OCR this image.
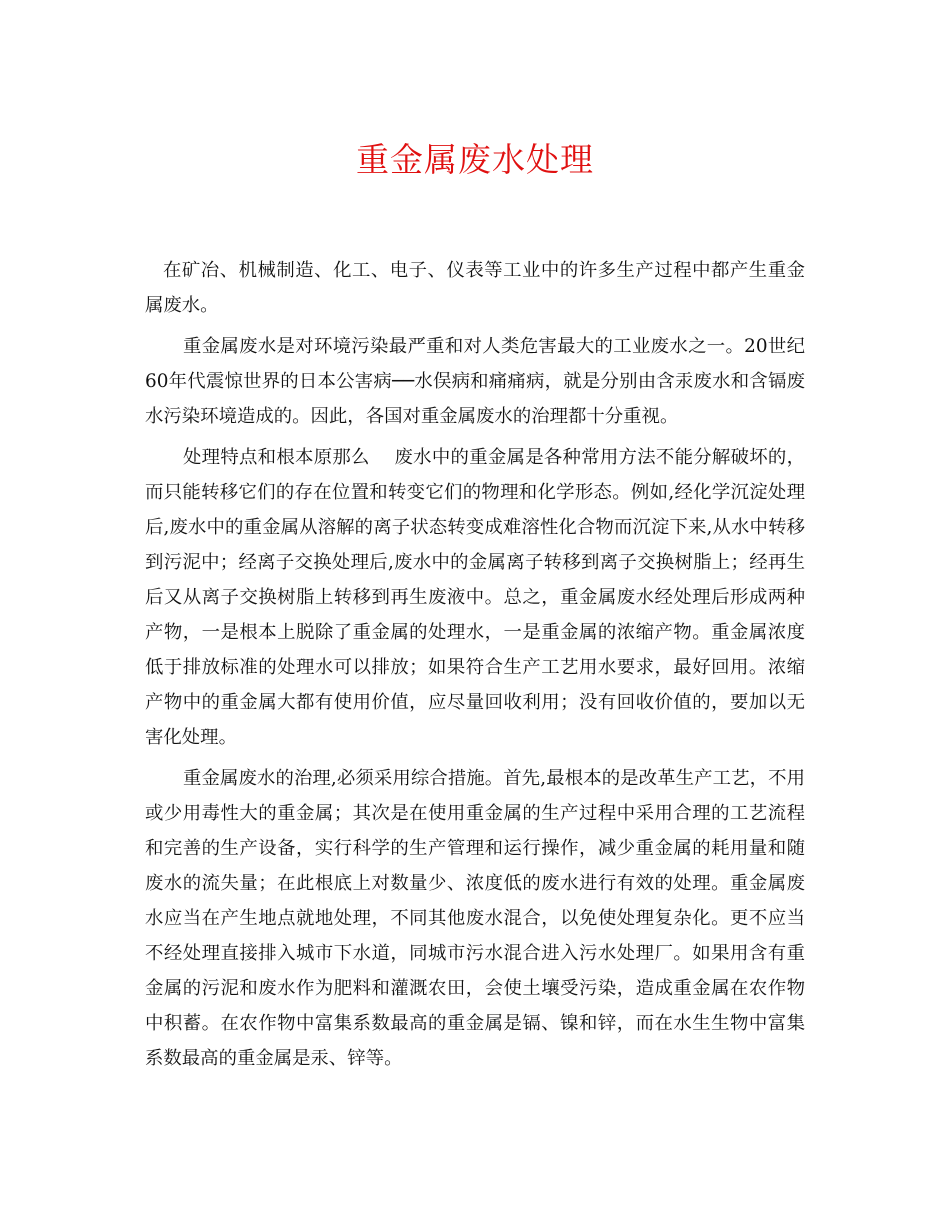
重金属废水处理

在矿冶、机械制造、化工、电子、仪表等工业中的许多生产过程中都产生重金属废水。

重金属废水是对环境污染最严重和对人类危害最大的工业废水之一。20世纪60年代震惊世界的日本公害病──水俣病和痛痛病，就是分别由含汞废水和含镉废水污染环境造成的。因此，各国对重金属废水的治理都十分重视。

处理特点和根本原那么　 废水中的重金属是各种常用方法不能分解破坏的，而只能转移它们的存在位置和转变它们的物理和化学形态。例如,经化学沉淀处理后,废水中的重金属从溶解的离子状态转变成难溶性化合物而沉淀下来,从水中转移到污泥中；经离子交换处理后,废水中的金属离子转移到离子交换树脂上；经再生后又从离子交换树脂上转移到再生废液中。总之，重金属废水经处理后形成两种产物，一是根本上脱除了重金属的处理水，一是重金属的浓缩产物。重金属浓度低于排放标准的处理水可以排放；如果符合生产工艺用水要求，最好回用。浓缩产物中的重金属大都有使用价值，应尽量回收利用；没有回收价值的，要加以无害化处理。

重金属废水的治理,必须采用综合措施。首先,最根本的是改革生产工艺，不用或少用毒性大的重金属；其次是在使用重金属的生产过程中采用合理的工艺流程和完善的生产设备，实行科学的生产管理和运行操作，减少重金属的耗用量和随废水的流失量；在此根底上对数量少、浓度低的废水进行有效的处理。重金属废水应当在产生地点就地处理，不同其他废水混合，以免使处理复杂化。更不应当不经处理直接排入城市下水道，同城市污水混合进入污水处理厂。如果用含有重金属的污泥和废水作为肥料和灌溉农田，会使土壤受污染，造成重金属在农作物中积蓄。在农作物中富集系数最高的重金属是镉、镍和锌，而在水生生物中富集系数最高的重金属是汞、锌等。
